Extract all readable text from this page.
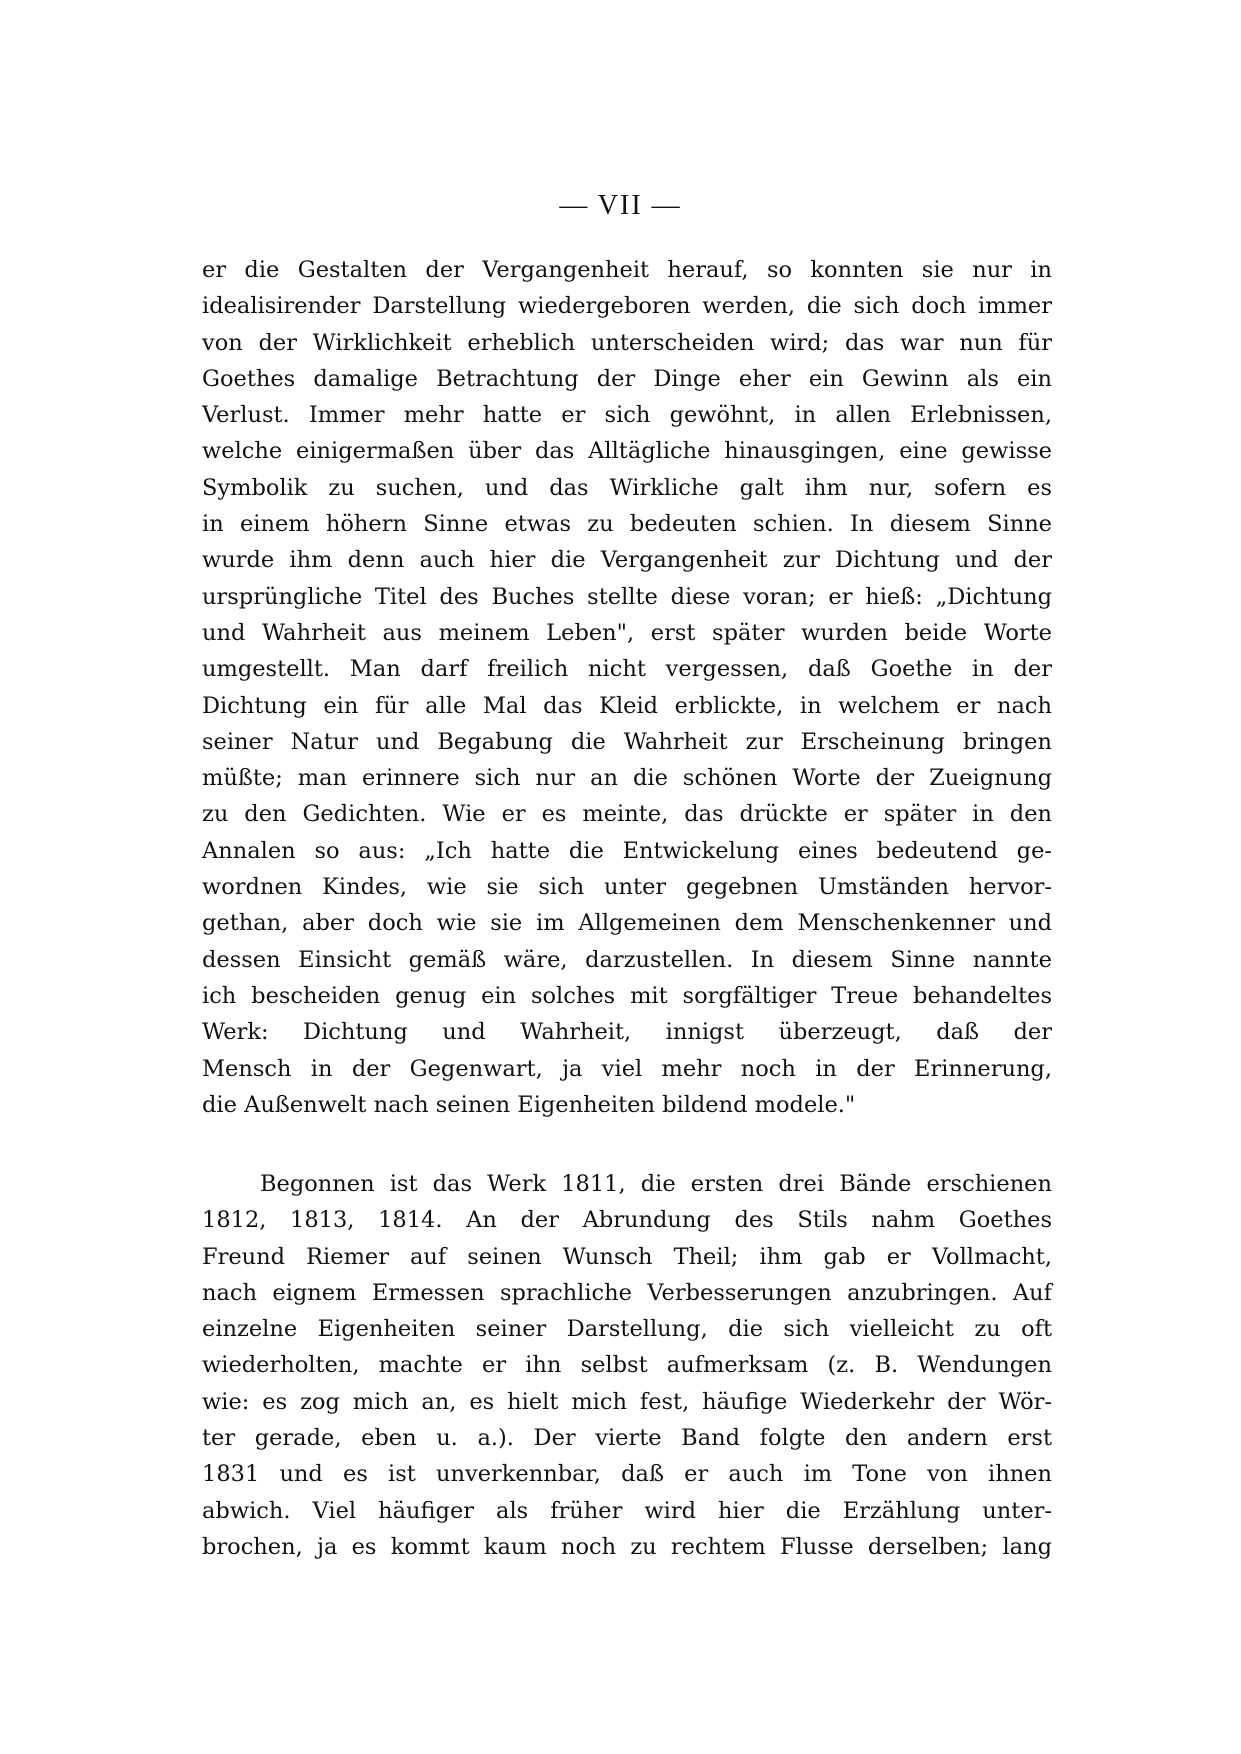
— VII —
er die Gestalten der Vergangenheit herauf, so konnten sie nur in
idealisirender Darstellung wiedergeboren werden, die sich doch immer
von der Wirklichkeit erheblich unterscheiden wird; das war nun für
Goethes damalige Betrachtung der Dinge eher ein Gewinn als ein
Verlust. Immer mehr hatte er sich gewöhnt, in allen Erlebnissen,
welche einigermaßen über das Alltägliche hinausgingen, eine gewisse
Symbolik zu suchen, und das Wirkliche galt ihm nur, sofern es
in einem höhern Sinne etwas zu bedeuten schien. In diesem Sinne
wurde ihm denn auch hier die Vergangenheit zur Dichtung und der
ursprüngliche Titel des Buches stellte diese voran; er hieß: „Dichtung
und Wahrheit aus meinem Leben", erst später wurden beide Worte
umgestellt. Man darf freilich nicht vergessen, daß Goethe in der
Dichtung ein für alle Mal das Kleid erblickte, in welchem er nach
seiner Natur und Begabung die Wahrheit zur Erscheinung bringen
müßte; man erinnere sich nur an die schönen Worte der Zueignung
zu den Gedichten. Wie er es meinte, das drückte er später in den
Annalen so aus: „Ich hatte die Entwickelung eines bedeutend ge-
wordnen Kindes, wie sie sich unter gegebnen Umständen hervor-
gethan, aber doch wie sie im Allgemeinen dem Menschenkenner und
dessen Einsicht gemäß wäre, darzustellen. In diesem Sinne nannte
ich bescheiden genug ein solches mit sorgfältiger Treue behandeltes
Werk: Dichtung und Wahrheit, innigst überzeugt, daß der
Mensch in der Gegenwart, ja viel mehr noch in der Erinnerung,
die Außenwelt nach seinen Eigenheiten bildend modele."
Begonnen ist das Werk 1811, die ersten drei Bände erschienen
1812, 1813, 1814. An der Abrundung des Stils nahm Goethes
Freund Riemer auf seinen Wunsch Theil; ihm gab er Vollmacht,
nach eignem Ermessen sprachliche Verbesserungen anzubringen. Auf
einzelne Eigenheiten seiner Darstellung, die sich vielleicht zu oft
wiederholten, machte er ihn selbst aufmerksam (z. B. Wendungen
wie: es zog mich an, es hielt mich fest, häufige Wiederkehr der Wör-
ter gerade, eben u. a.). Der vierte Band folgte den andern erst
1831 und es ist unverkennbar, daß er auch im Tone von ihnen
abwich. Viel häufiger als früher wird hier die Erzählung unter-
brochen, ja es kommt kaum noch zu rechtem Flusse derselben; lang
